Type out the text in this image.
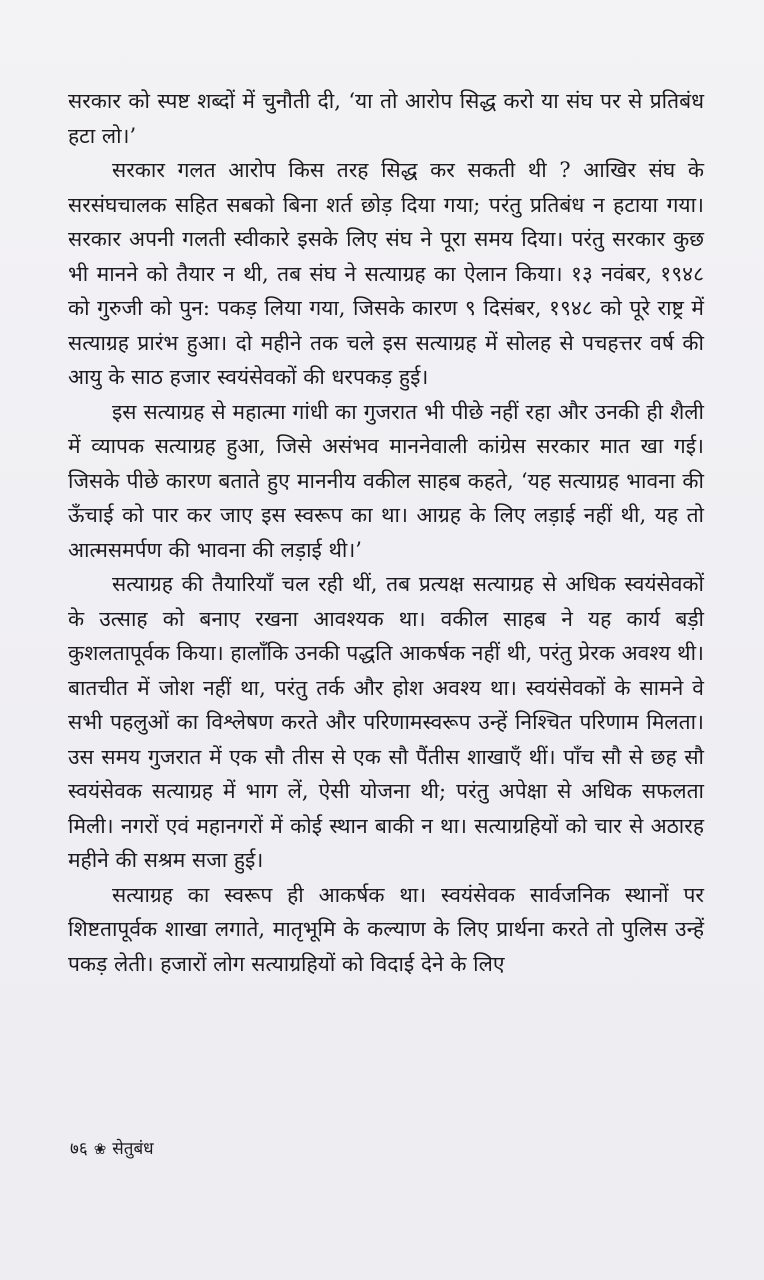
सरकार को स्पष्ट शब्दों में चुनौती दी, ‘या तो आरोप सिद्ध करो या संघ पर से प्रतिबंध हटा लो।’

सरकार गलत आरोप किस तरह सिद्ध कर सकती थी ? आखिर संघ के सरसंघचालक सहित सबको बिना शर्त छोड़ दिया गया; परंतु प्रतिबंध न हटाया गया। सरकार अपनी गलती स्वीकारे इसके लिए संघ ने पूरा समय दिया। परंतु सरकार कुछ भी मानने को तैयार न थी, तब संघ ने सत्याग्रह का ऐलान किया। १३ नवंबर, १९४८ को गुरुजी को पुन: पकड़ लिया गया, जिसके कारण ९ दिसंबर, १९४८ को पूरे राष्ट्र में सत्याग्रह प्रारंभ हुआ। दो महीने तक चले इस सत्याग्रह में सोलह से पचहत्तर वर्ष की आयु के साठ हजार स्वयंसेवकों की धरपकड़ हुई।

इस सत्याग्रह से महात्मा गांधी का गुजरात भी पीछे नहीं रहा और उनकी ही शैली में व्यापक सत्याग्रह हुआ, जिसे असंभव माननेवाली कांग्रेस सरकार मात खा गई। जिसके पीछे कारण बताते हुए माननीय वकील साहब कहते, ‘यह सत्याग्रह भावना की ऊँचाई को पार कर जाए इस स्वरूप का था। आग्रह के लिए लड़ाई नहीं थी, यह तो आत्मसमर्पण की भावना की लड़ाई थी।’

सत्याग्रह की तैयारियाँ चल रही थीं, तब प्रत्यक्ष सत्याग्रह से अधिक स्वयंसेवकों के उत्साह को बनाए रखना आवश्यक था। वकील साहब ने यह कार्य बड़ी कुशलतापूर्वक किया। हालाँकि उनकी पद्धति आकर्षक नहीं थी, परंतु प्रेरक अवश्य थी। बातचीत में जोश नहीं था, परंतु तर्क और होश अवश्य था। स्वयंसेवकों के सामने वे सभी पहलुओं का विश्लेषण करते और परिणामस्वरूप उन्हें निश्चित परिणाम मिलता। उस समय गुजरात में एक सौ तीस से एक सौ पैंतीस शाखाएँ थीं। पाँच सौ से छह सौ स्वयंसेवक सत्याग्रह में भाग लें, ऐसी योजना थी; परंतु अपेक्षा से अधिक सफलता मिली। नगरों एवं महानगरों में कोई स्थान बाकी न था। सत्याग्रहियों को चार से अठारह महीने की सश्रम सजा हुई।

सत्याग्रह का स्वरूप ही आकर्षक था। स्वयंसेवक सार्वजनिक स्थानों पर शिष्टतापूर्वक शाखा लगाते, मातृभूमि के कल्याण के लिए प्रार्थना करते तो पुलिस उन्हें पकड़ लेती। हजारों लोग सत्याग्रहियों को विदाई देने के लिए

७६ ❀ सेतुबंध
